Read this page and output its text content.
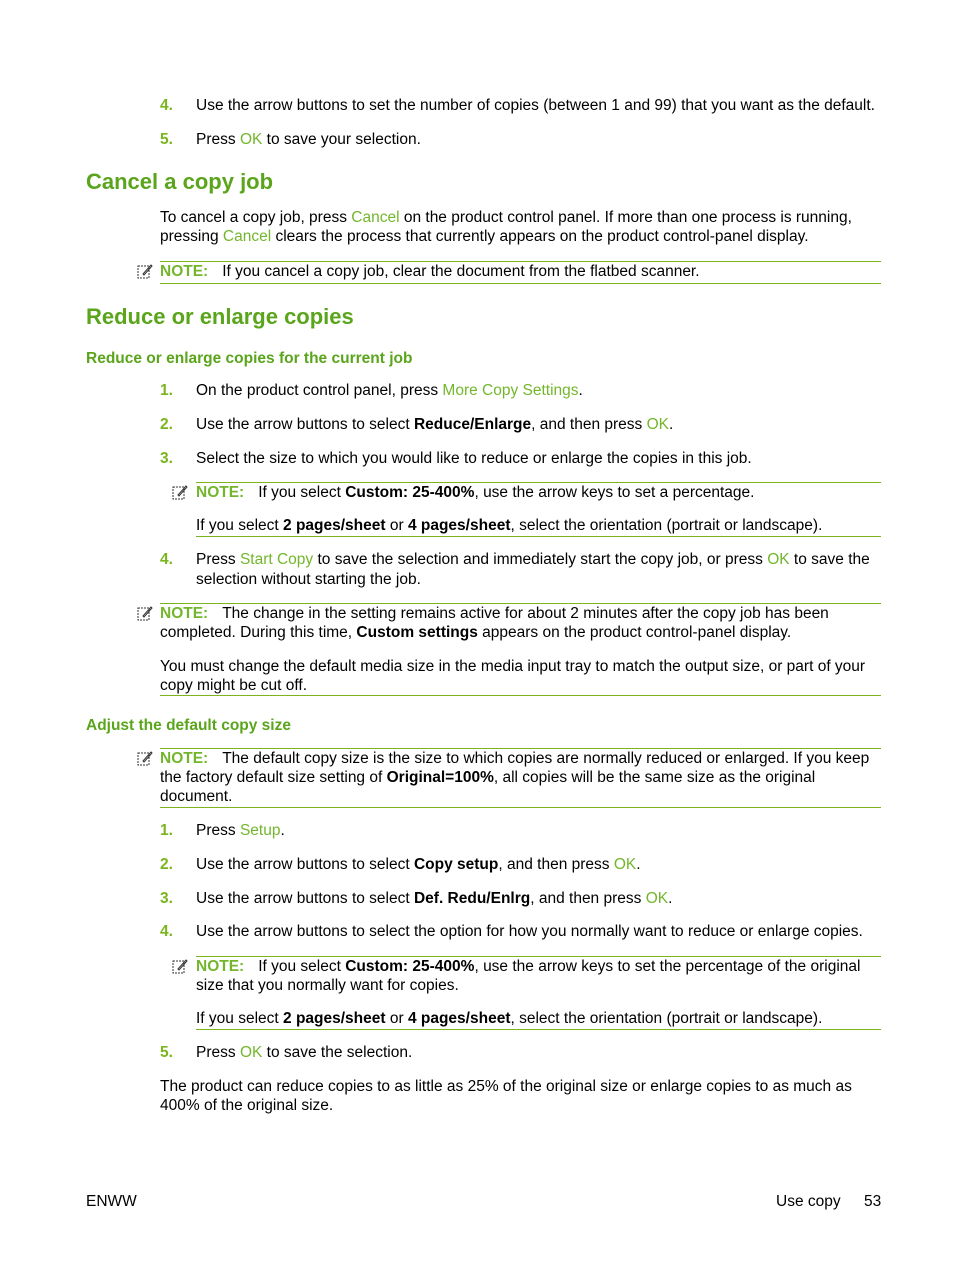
4. Use the arrow buttons to set the number of copies (between 1 and 99) that you want as the default.
5. Press OK to save your selection.
Cancel a copy job
To cancel a copy job, press Cancel on the product control panel. If more than one process is running,
pressing Cancel clears the process that currently appears on the product control-panel display.
NOTE: If you cancel a copy job, clear the document from the flatbed scanner.
Reduce or enlarge copies
Reduce or enlarge copies for the current job
1. On the product control panel, press More Copy Settings.
2. Use the arrow buttons to select Reduce/Enlarge, and then press OK.
3. Select the size to which you would like to reduce or enlarge the copies in this job.
NOTE: If you select Custom: 25-400%, use the arrow keys to set a percentage.
If you select 2 pages/sheet or 4 pages/sheet, select the orientation (portrait or landscape).
4. Press Start Copy to save the selection and immediately start the copy job, or press OK to save the
selection without starting the job.
NOTE: The change in the setting remains active for about 2 minutes after the copy job has been
completed. During this time, Custom settings appears on the product control-panel display.
You must change the default media size in the media input tray to match the output size, or part of your
copy might be cut off.
Adjust the default copy size
NOTE: The default copy size is the size to which copies are normally reduced or enlarged. If you keep
the factory default size setting of Original=100%, all copies will be the same size as the original
document.
1. Press Setup.
2. Use the arrow buttons to select Copy setup, and then press OK.
3. Use the arrow buttons to select Def. Redu/Enlrg, and then press OK.
4. Use the arrow buttons to select the option for how you normally want to reduce or enlarge copies.
NOTE: If you select Custom: 25-400%, use the arrow keys to set the percentage of the original
size that you normally want for copies.
If you select 2 pages/sheet or 4 pages/sheet, select the orientation (portrait or landscape).
5. Press OK to save the selection.
The product can reduce copies to as little as 25% of the original size or enlarge copies to as much as
400% of the original size.
ENWW	Use copy 53
